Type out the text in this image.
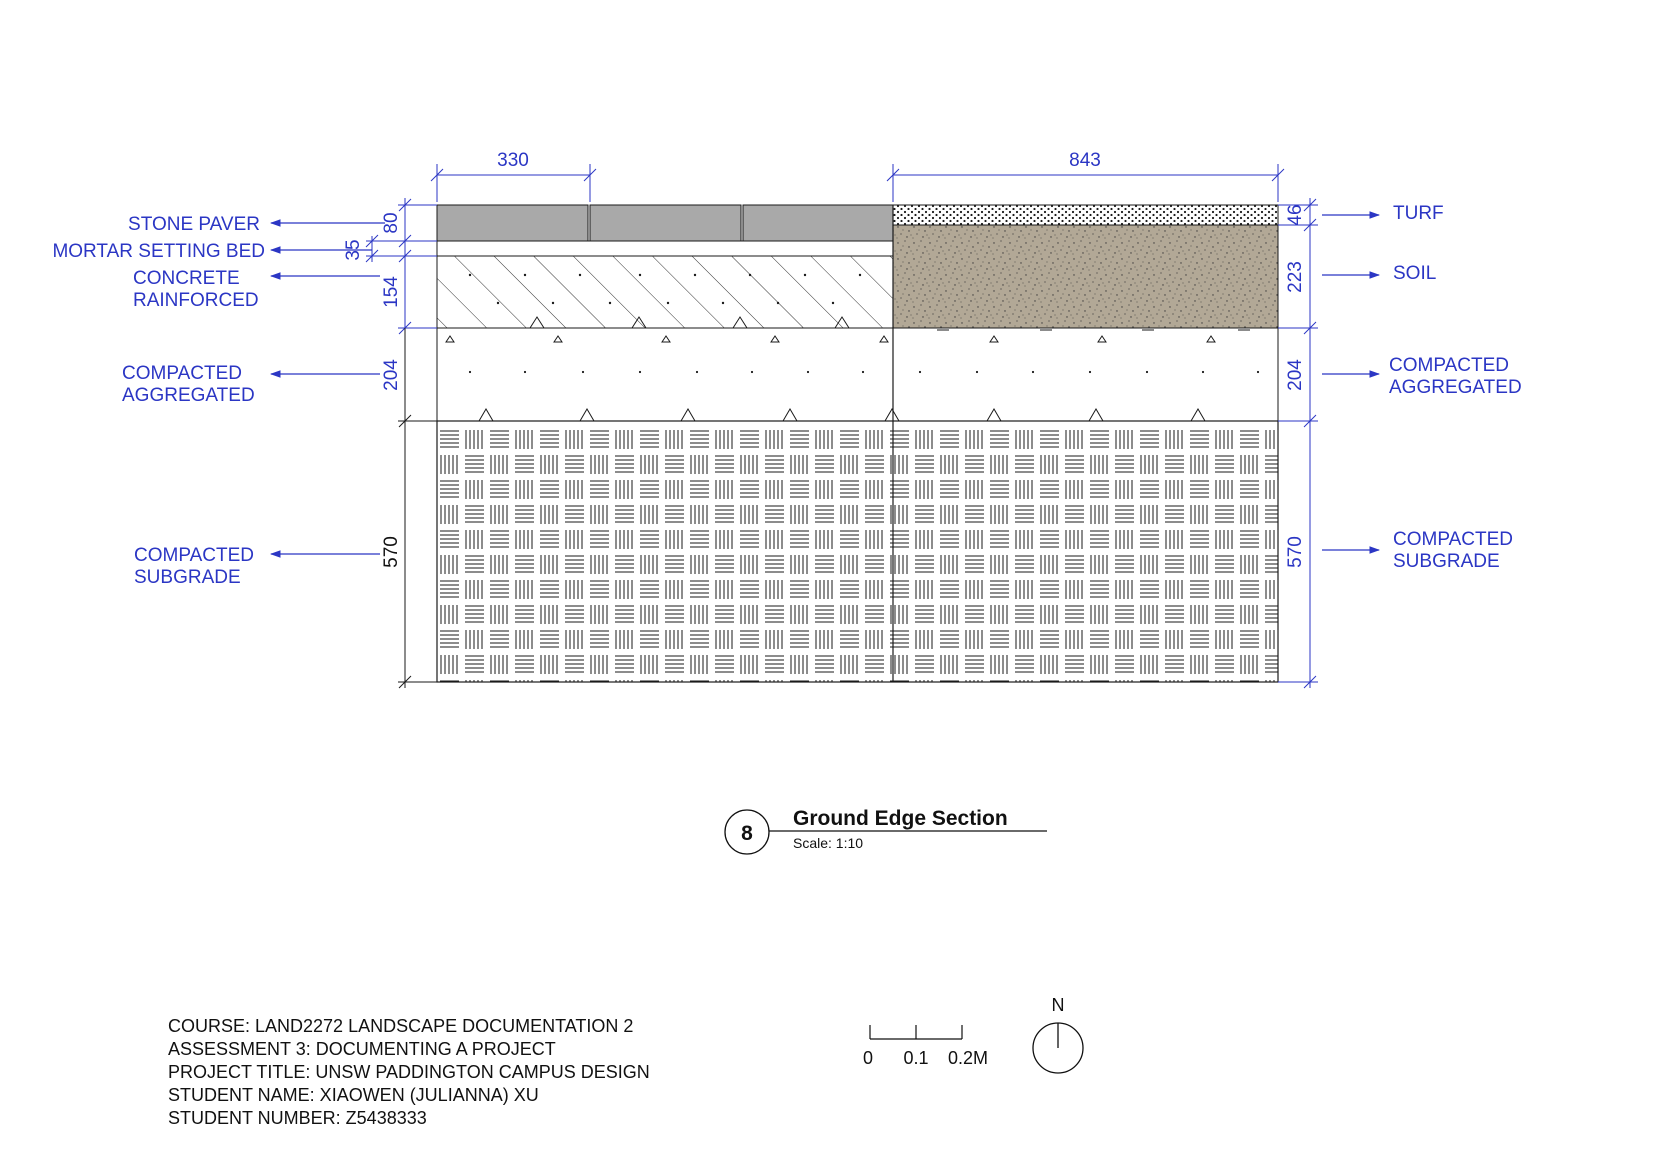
330	843
80
35
154
204
570
46
223
204
570
STONE PAVER
MORTAR SETTING BED
CONCRETE
RAINFORCED
COMPACTED
AGGREGATED
COMPACTED
SUBGRADE
TURF
SOIL
COMPACTED
AGGREGATED
COMPACTED
SUBGRADE
8
Ground Edge Section
Scale: 1:10
COURSE: LAND2272 LANDSCAPE DOCUMENTATION 2
ASSESSMENT 3: DOCUMENTING A PROJECT
PROJECT TITLE: UNSW PADDINGTON CAMPUS DESIGN
STUDENT NAME: XIAOWEN (JULIANNA) XU
STUDENT NUMBER: Z5438333
0 0.1 0.2M
N
